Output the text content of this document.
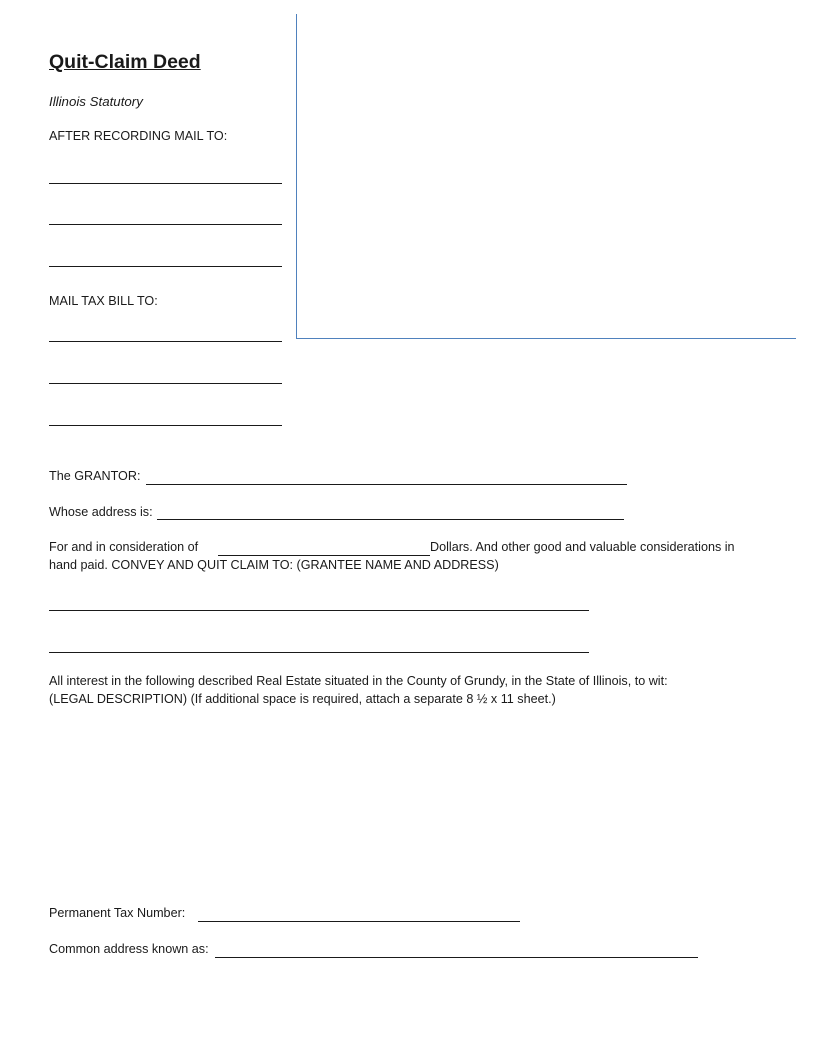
Quit-Claim Deed
Illinois Statutory
AFTER RECORDING MAIL TO:
MAIL TAX BILL TO:
The GRANTOR:
Whose address is:
For and in consideration of	Dollars. And other good and valuable considerations in
hand paid. CONVEY AND QUIT CLAIM TO: (GRANTEE NAME AND ADDRESS)
All interest in the following described Real Estate situated in the County of Grundy, in the State of Illinois, to wit:
(LEGAL DESCRIPTION) (If additional space is required, attach a separate 8 ½ x 11 sheet.)
Permanent Tax Number:
Common address known as:
